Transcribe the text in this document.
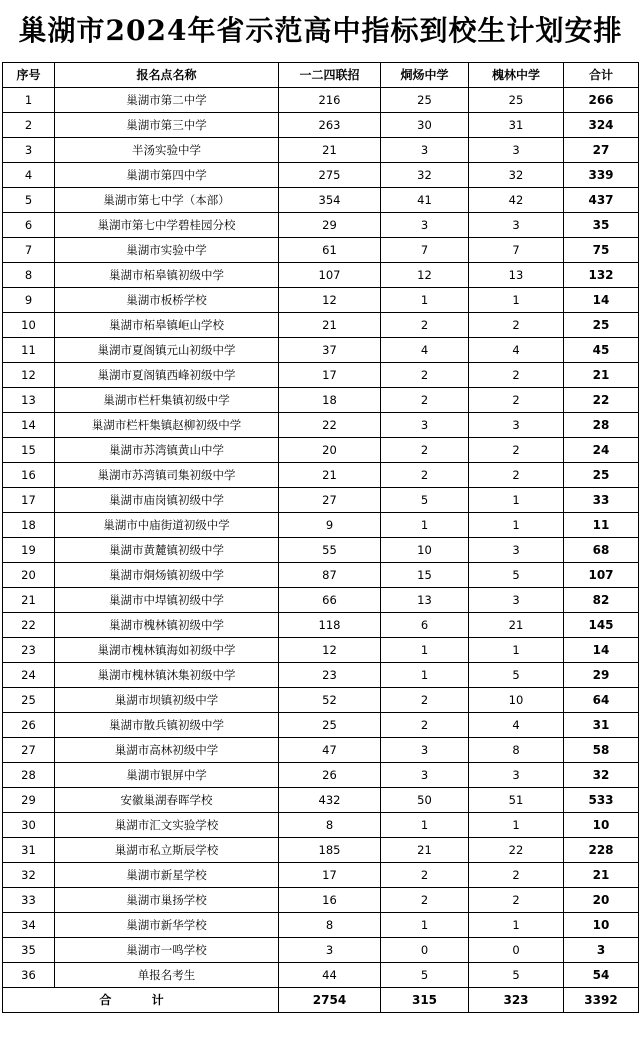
巢湖市2024年省示范高中指标到校生计划安排
序号	报名点名称	一二四联招	烔炀中学	槐林中学	合计
1	巢湖市第二中学	216	25	25	266
2	巢湖市第三中学	263	30	31	324
3	半汤实验中学	21	3	3	27
4	巢湖市第四中学	275	32	32	339
5	巢湖市第七中学（本部）	354	41	42	437
6	巢湖市第七中学碧桂园分校	29	3	3	35
7	巢湖市实验中学	61	7	7	75
8	巢湖市柘皋镇初级中学	107	12	13	132
9	巢湖市板桥学校	12	1	1	14
10	巢湖市柘皋镇岠山学校	21	2	2	25
11	巢湖市夏阁镇元山初级中学	37	4	4	45
12	巢湖市夏阁镇西峰初级中学	17	2	2	21
13	巢湖市栏杆集镇初级中学	18	2	2	22
14	巢湖市栏杆集镇赵柳初级中学	22	3	3	28
15	巢湖市苏湾镇黄山中学	20	2	2	24
16	巢湖市苏湾镇司集初级中学	21	2	2	25
17	巢湖市庙岗镇初级中学	27	5	1	33
18	巢湖市中庙街道初级中学	9	1	1	11
19	巢湖市黄麓镇初级中学	55	10	3	68
20	巢湖市烔炀镇初级中学	87	15	5	107
21	巢湖市中垾镇初级中学	66	13	3	82
22	巢湖市槐林镇初级中学	118	6	21	145
23	巢湖市槐林镇海如初级中学	12	1	1	14
24	巢湖市槐林镇沐集初级中学	23	1	5	29
25	巢湖市坝镇初级中学	52	2	10	64
26	巢湖市散兵镇初级中学	25	2	4	31
27	巢湖市高林初级中学	47	3	8	58
28	巢湖市银屏中学	26	3	3	32
29	安徽巢湖春晖学校	432	50	51	533
30	巢湖市汇文实验学校	8	1	1	10
31	巢湖市私立斯辰学校	185	21	22	228
32	巢湖市新星学校	17	2	2	21
33	巢湖市巢扬学校	16	2	2	20
34	巢湖市新华学校	8	1	1	10
35	巢湖市一鸣学校	3	0	0	3
36	单报名考生	44	5	5	54
合 计		2754	315	323	3392
